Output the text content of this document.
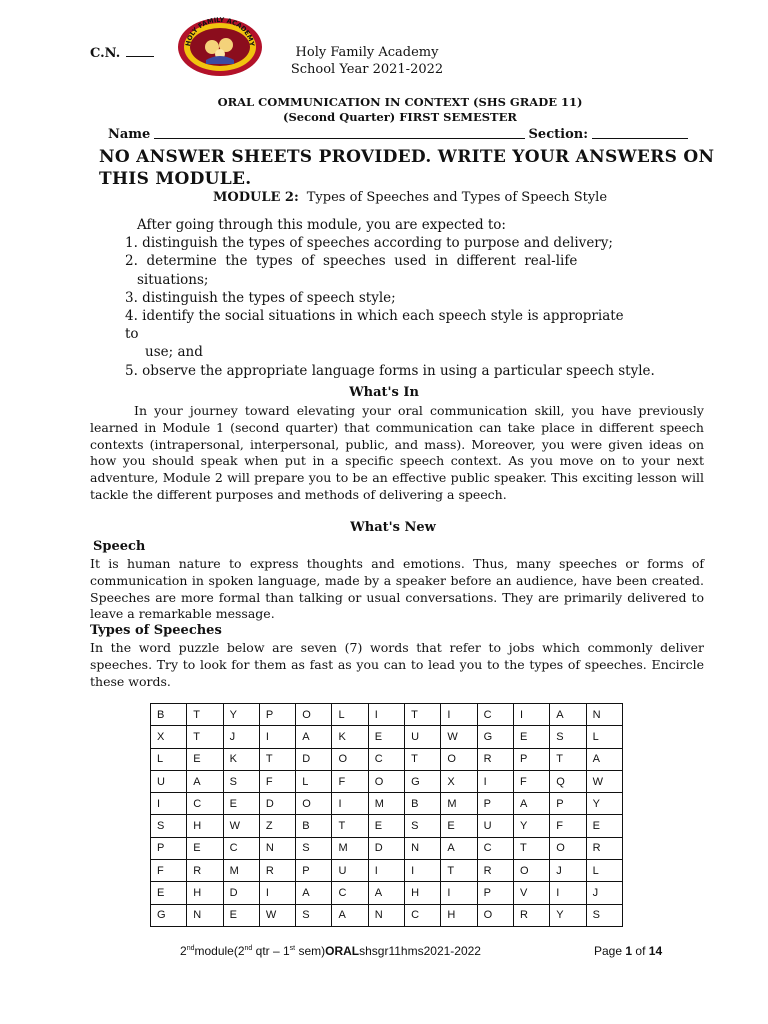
C.N.
HOLY FAMILY ACADEMY
Holy Family Academy
School Year 2021-2022
ORAL COMMUNICATION IN CONTEXT (SHS GRADE 11)
(Second Quarter) FIRST SEMESTER
Name	Section:
NO ANSWER SHEETS PROVIDED. WRITE YOUR ANSWERS ON THIS MODULE.
MODULE 2: Types of Speeches and Types of Speech Style

After going through this module, you are expected to:

1. distinguish the types of speeches according to purpose and delivery;

2.  determine  the  types  of  speeches  used  in  different  real-life

situations;

3. distinguish the types of speech style;

4. identify the social situations in which each speech style is appropriate

to

use; and

5. observe the appropriate language forms in using a particular speech style.

What's In
In your journey toward elevating your oral communication skill, you have previously learned in Module 1 (second quarter) that communication can take place in different speech contexts (intrapersonal, interpersonal, public, and mass). Moreover, you were given ideas on how you should speak when put in a specific speech context. As you move on to your next adventure, Module 2 will prepare you to be an effective public speaker. This exciting lesson will tackle the different purposes and methods of delivering a speech.
What's New
Speech
It is human nature to express thoughts and emotions. Thus, many speeches or forms of communication in spoken language, made by a speaker before an audience, have been created. Speeches are more formal than talking or usual conversations. They are primarily delivered to leave a remarkable message.
Types of Speeches
In the word puzzle below are seven (7) words that refer to jobs which commonly deliver speeches. Try to look for them as fast as you can to lead you to the types of speeches. Encircle these words.
B	T	Y	P	O	L	I	T	I	C	I	A	N
X	T	J	I	A	K	E	U	W	G	E	S	L
L	E	K	T	D	O	C	T	O	R	P	T	A
U	A	S	F	L	F	O	G	X	I	F	Q	W
I	C	E	D	O	I	M	B	M	P	A	P	Y
S	H	W	Z	B	T	E	S	E	U	Y	F	E
P	E	C	N	S	M	D	N	A	C	T	O	R
F	R	M	R	P	U	I	I	T	R	O	J	L
E	H	D	I	A	C	A	H	I	P	V	I	J
G	N	E	W	S	A	N	C	H	O	R	Y	S
2ndmodule(2nd qtr – 1st sem)ORALshsgr11hms2021-2022	Page 1 of 14
